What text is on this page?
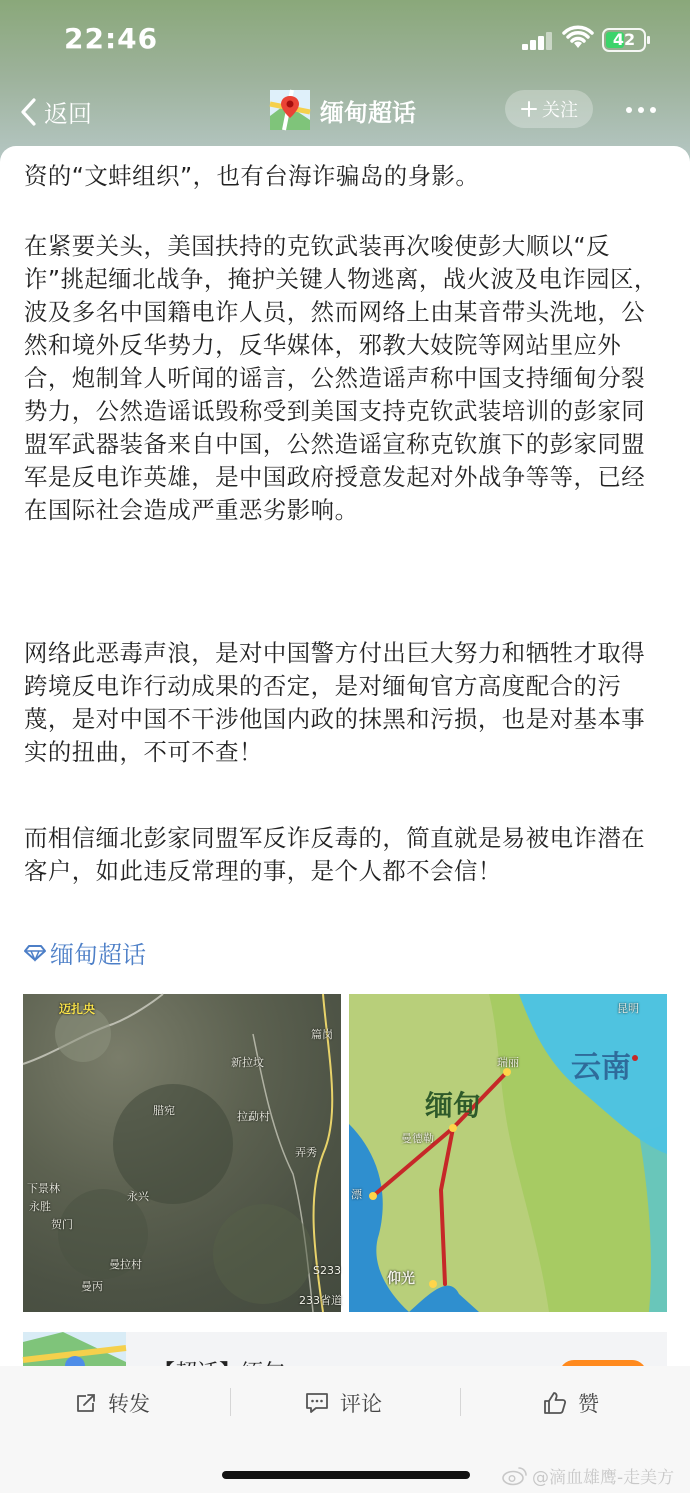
22:46	42
返回	缅甸超话	关注

资的“文蚌组织”，也有台海诈骗岛的身影。

在紧要关头，美国扶持的克钦武装再次唆使彭大顺以“反诈”挑起缅北战争，掩护关键人物逃离，战火波及电诈园区，波及多名中国籍电诈人员，然而网络上由某音带头洗地，公然和境外反华势力，反华媒体，邪教大妓院等网站里应外合，炮制耸人听闻的谣言，公然造谣声称中国支持缅甸分裂势力，公然造谣诋毁称受到美国支持克钦武装培训的彭家同盟军武器装备来自中国，公然造谣宣称克钦旗下的彭家同盟军是反电诈英雄，是中国政府授意发起对外战争等等，已经在国际社会造成严重恶劣影响。

网络此恶毒声浪，是对中国警方付出巨大努力和牺牲才取得跨境反电诈行动成果的否定，是对缅甸官方高度配合的污蔑，是对中国不干涉他国内政的抹黑和污损，也是对基本事实的扭曲，不可不查！

而相信缅北彭家同盟军反诈反毒的，简直就是易被电诈潜在客户，如此违反常理的事，是个人都不会信！

缅甸超话
迈扎央
新拉坟
拉勐村
腊宛
弄秀
下景林
永胜
永兴
贺门
曼拉村
曼丙
篇岗
233省道
S233
云南
缅甸
昆明
瑞丽
曼德勒
仰光
漂
转发	评论	赞
@滴血雄鹰-走美方
